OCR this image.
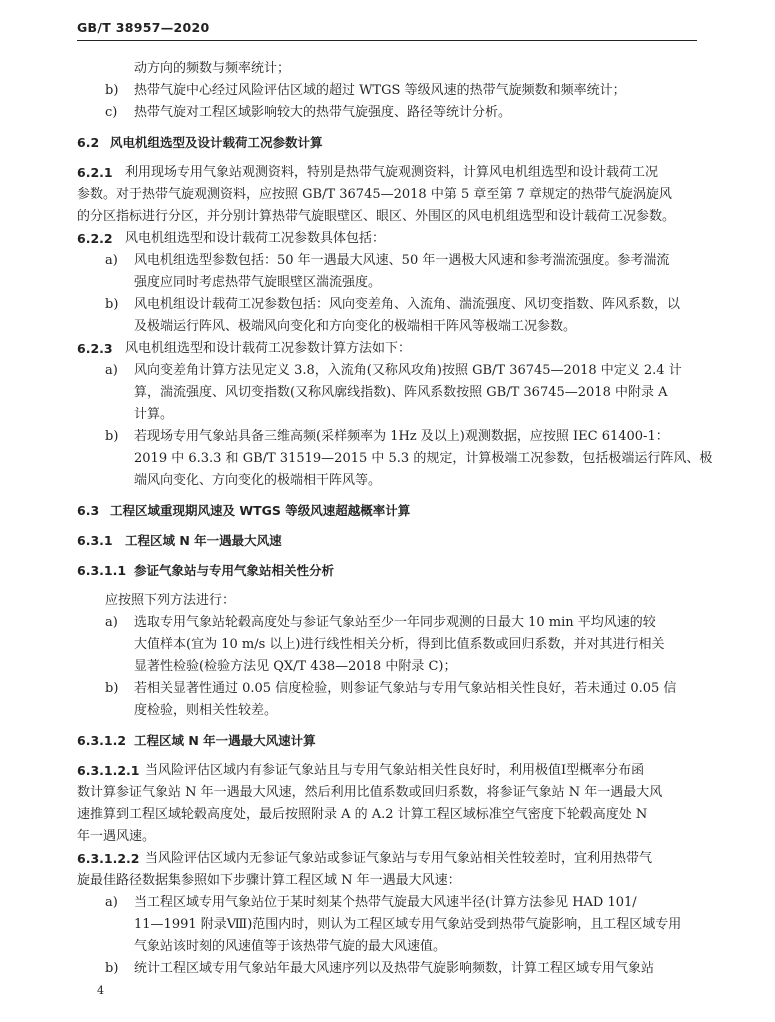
GB/T 38957—2020
动方向的频数与频率统计；
b) 热带气旋中心经过风险评估区域的超过 WTGS 等级风速的热带气旋频数和频率统计；
c) 热带气旋对工程区域影响较大的热带气旋强度、路径等统计分析。
6.2 风电机组选型及设计载荷工况参数计算
6.2.1 利用现场专用气象站观测资料，特别是热带气旋观测资料，计算风电机组选型和设计载荷工况
参数。对于热带气旋观测资料，应按照 GB/T 36745—2018 中第 5 章至第 7 章规定的热带气旋涡旋风
的分区指标进行分区，并分别计算热带气旋眼壁区、眼区、外围区的风电机组选型和设计载荷工况参数。
6.2.2 风电机组选型和设计载荷工况参数具体包括：
a) 风电机组选型参数包括：50 年一遇最大风速、50 年一遇极大风速和参考湍流强度。参考湍流
强度应同时考虑热带气旋眼壁区湍流强度。
b) 风电机组设计载荷工况参数包括：风向变差角、入流角、湍流强度、风切变指数、阵风系数，以
及极端运行阵风、极端风向变化和方向变化的极端相干阵风等极端工况参数。
6.2.3 风电机组选型和设计载荷工况参数计算方法如下：
a) 风向变差角计算方法见定义 3.8，入流角(又称风攻角)按照 GB/T 36745—2018 中定义 2.4 计
算，湍流强度、风切变指数(又称风廓线指数)、阵风系数按照 GB/T 36745—2018 中附录 A
计算。
b) 若现场专用气象站具备三维高频(采样频率为 1Hz 及以上)观测数据，应按照 IEC 61400-1：
2019 中 6.3.3 和 GB/T 31519—2015 中 5.3 的规定，计算极端工况参数，包括极端运行阵风、极
端风向变化、方向变化的极端相干阵风等。
6.3 工程区域重现期风速及 WTGS 等级风速超越概率计算
6.3.1 工程区域 N 年一遇最大风速
6.3.1.1 参证气象站与专用气象站相关性分析
应按照下列方法进行：
a) 选取专用气象站轮毂高度处与参证气象站至少一年同步观测的日最大 10 min 平均风速的较
大值样本(宜为 10 m/s 以上)进行线性相关分析，得到比值系数或回归系数，并对其进行相关
显著性检验(检验方法见 QX/T 438—2018 中附录 C)；
b) 若相关显著性通过 0.05 信度检验，则参证气象站与专用气象站相关性良好，若未通过 0.05 信
度检验，则相关性较差。
6.3.1.2 工程区域 N 年一遇最大风速计算
6.3.1.2.1 当风险评估区域内有参证气象站且与专用气象站相关性良好时，利用极值Ⅰ型概率分布函
数计算参证气象站 N 年一遇最大风速，然后利用比值系数或回归系数，将参证气象站 N 年一遇最大风
速推算到工程区域轮毂高度处，最后按照附录 A 的 A.2 计算工程区域标准空气密度下轮毂高度处 N
年一遇风速。
6.3.1.2.2 当风险评估区域内无参证气象站或参证气象站与专用气象站相关性较差时，宜利用热带气
旋最佳路径数据集参照如下步骤计算工程区域 N 年一遇最大风速：
a) 当工程区域专用气象站位于某时刻某个热带气旋最大风速半径(计算方法参见 HAD 101/
11—1991 附录Ⅷ)范围内时，则认为工程区域专用气象站受到热带气旋影响，且工程区域专用
气象站该时刻的风速值等于该热带气旋的最大风速值。
b) 统计工程区域专用气象站年最大风速序列以及热带气旋影响频数，计算工程区域专用气象站
4
